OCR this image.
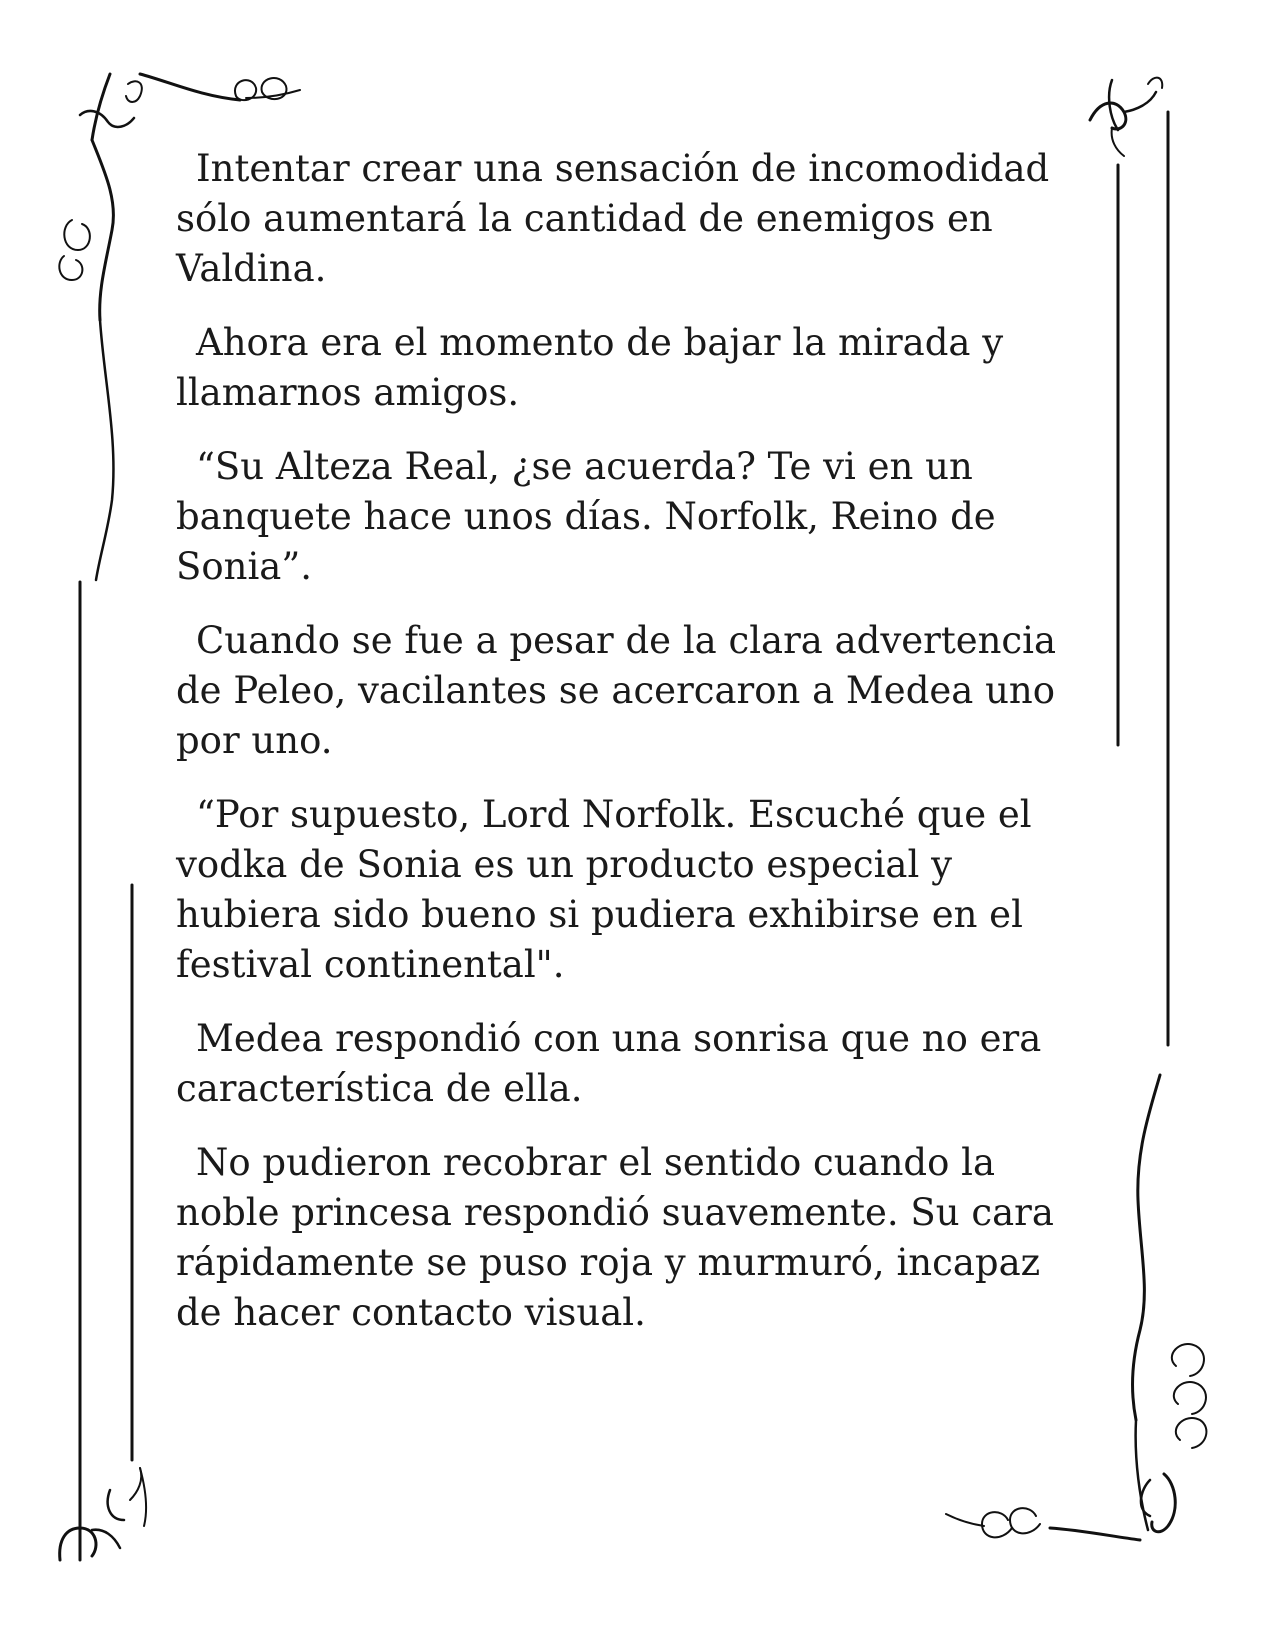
Intentar crear una sensación de incomodidad sólo aumentará la cantidad de enemigos en Valdina.

Ahora era el momento de bajar la mirada y llamarnos amigos.

“Su Alteza Real, ¿se acuerda? Te vi en un banquete hace unos días. Norfolk, Reino de Sonia”.

Cuando se fue a pesar de la clara advertencia de Peleo, vacilantes se acercaron a Medea uno por uno.

“Por supuesto, Lord Norfolk. Escuché que el vodka de Sonia es un producto especial y hubiera sido bueno si pudiera exhibirse en el festival continental".

Medea respondió con una sonrisa que no era característica de ella.

No pudieron recobrar el sentido cuando la noble princesa respondió suavemente. Su cara rápidamente se puso roja y murmuró, incapaz de hacer contacto visual.
